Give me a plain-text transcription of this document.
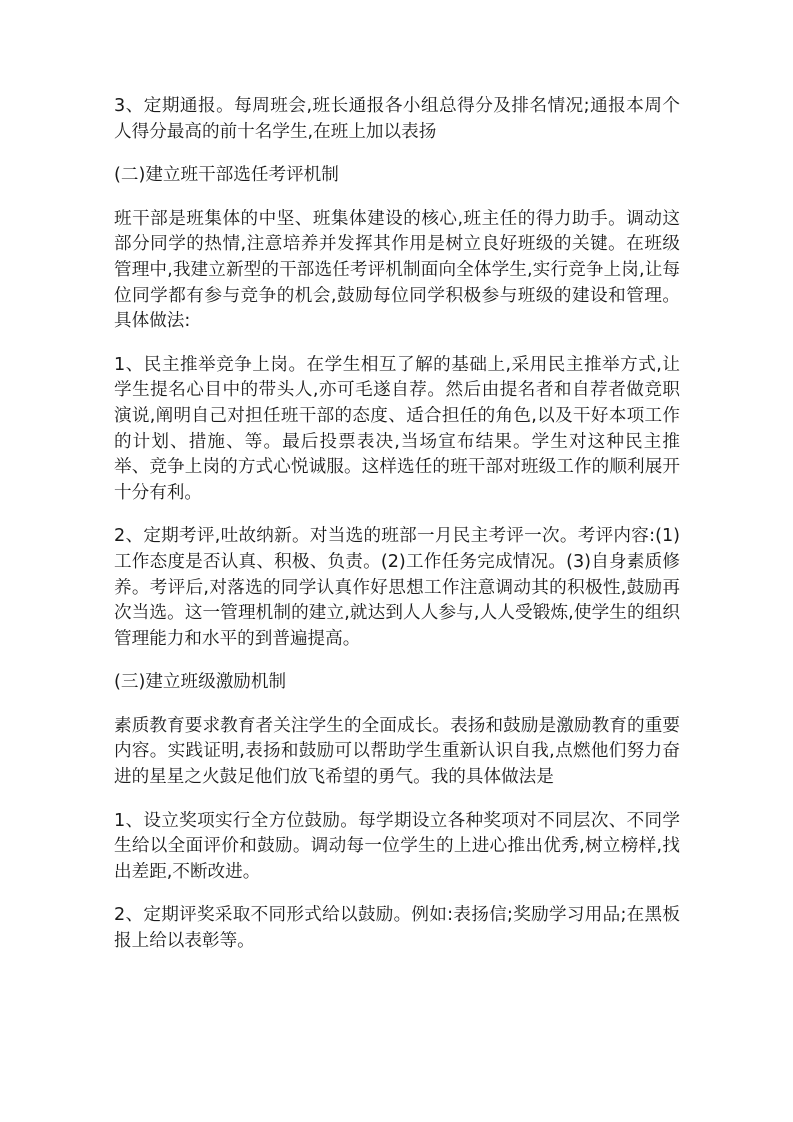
3、定期通报。每周班会,班长通报各小组总得分及排名情况;通报本周个人得分最高的前十名学生,在班上加以表扬

(二)建立班干部选任考评机制

班干部是班集体的中坚、班集体建设的核心,班主任的得力助手。调动这部分同学的热情,注意培养并发挥其作用是树立良好班级的关键。在班级管理中,我建立新型的干部选任考评机制面向全体学生,实行竞争上岗,让每位同学都有参与竞争的机会,鼓励每位同学积极参与班级的建设和管理。具体做法:

1、民主推举竞争上岗。在学生相互了解的基础上,采用民主推举方式,让学生提名心目中的带头人,亦可毛遂自荐。然后由提名者和自荐者做竞职演说,阐明自己对担任班干部的态度、适合担任的角色,以及干好本项工作的计划、措施、等。最后投票表决,当场宣布结果。学生对这种民主推举、竞争上岗的方式心悦诚服。这样选任的班干部对班级工作的顺利展开十分有利。

2、定期考评,吐故纳新。对当选的班部一月民主考评一次。考评内容:(1)工作态度是否认真、积极、负责。(2)工作任务完成情况。(3)自身素质修养。考评后,对落选的同学认真作好思想工作注意调动其的积极性,鼓励再次当选。这一管理机制的建立,就达到人人参与,人人受锻炼,使学生的组织管理能力和水平的到普遍提高。

(三)建立班级激励机制

素质教育要求教育者关注学生的全面成长。表扬和鼓励是激励教育的重要内容。实践证明,表扬和鼓励可以帮助学生重新认识自我,点燃他们努力奋进的星星之火鼓足他们放飞希望的勇气。我的具体做法是

1、设立奖项实行全方位鼓励。每学期设立各种奖项对不同层次、不同学生给以全面评价和鼓励。调动每一位学生的上进心推出优秀,树立榜样,找出差距,不断改进。

2、定期评奖采取不同形式给以鼓励。例如:表扬信;奖励学习用品;在黑板报上给以表彰等。
